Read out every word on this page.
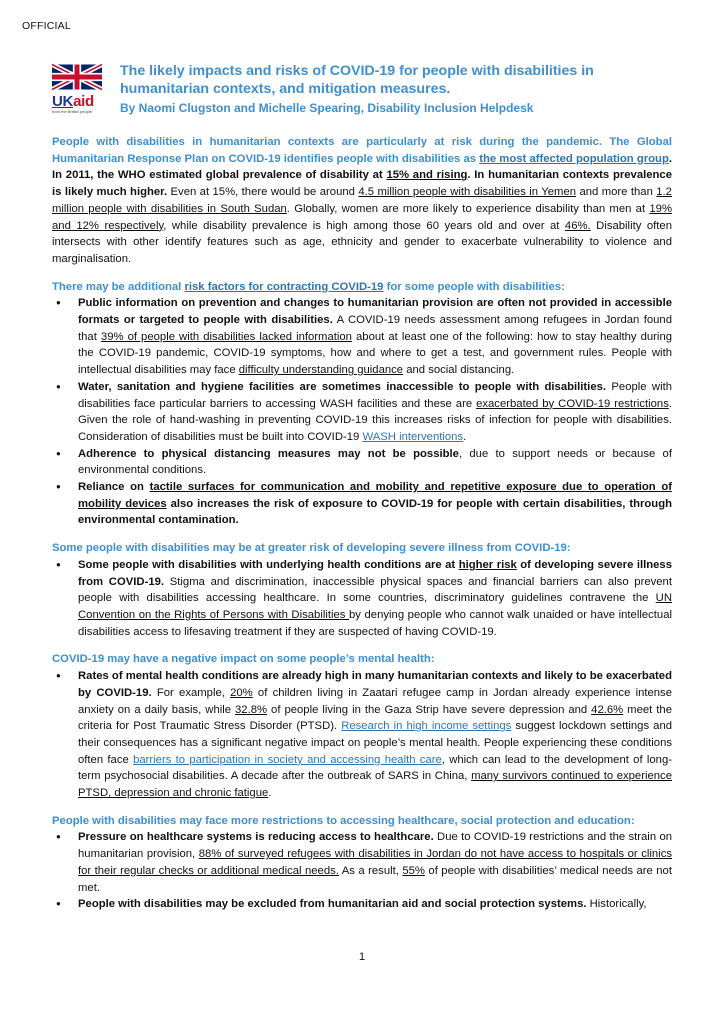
OFFICIAL
UKaid
from the British people
The likely impacts and risks of COVID-19 for people with disabilities in humanitarian contexts, and mitigation measures.
By Naomi Clugston and Michelle Spearing, Disability Inclusion Helpdesk

People with disabilities in humanitarian contexts are particularly at risk during the pandemic. The Global Humanitarian Response Plan on COVID-19 identifies people with disabilities as the most affected population group. In 2011, the WHO estimated global prevalence of disability at 15% and rising. In humanitarian contexts prevalence is likely much higher. Even at 15%, there would be around 4.5 million people with disabilities in Yemen and more than 1.2 million people with disabilities in South Sudan. Globally, women are more likely to experience disability than men at 19% and 12% respectively, while disability prevalence is high among those 60 years old and over at 46%. Disability often intersects with other identify features such as age, ethnicity and gender to exacerbate vulnerability to violence and marginalisation.

There may be additional risk factors for contracting COVID-19 for some people with disabilities:
● Public information on prevention and changes to humanitarian provision are often not provided in accessible formats or targeted to people with disabilities. A COVID-19 needs assessment among refugees in Jordan found that 39% of people with disabilities lacked information about at least one of the following: how to stay healthy during the COVID-19 pandemic, COVID-19 symptoms, how and where to get a test, and government rules. People with intellectual disabilities may face difficulty understanding guidance and social distancing.
● Water, sanitation and hygiene facilities are sometimes inaccessible to people with disabilities. People with disabilities face particular barriers to accessing WASH facilities and these are exacerbated by COVID-19 restrictions. Given the role of hand-washing in preventing COVID-19 this increases risks of infection for people with disabilities. Consideration of disabilities must be built into COVID-19 WASH interventions.
● Adherence to physical distancing measures may not be possible, due to support needs or because of environmental conditions.
● Reliance on tactile surfaces for communication and mobility and repetitive exposure due to operation of mobility devices also increases the risk of exposure to COVID-19 for people with certain disabilities, through environmental contamination.
Some people with disabilities may be at greater risk of developing severe illness from COVID-19:
● Some people with disabilities with underlying health conditions are at higher risk of developing severe illness from COVID-19. Stigma and discrimination, inaccessible physical spaces and financial barriers can also prevent people with disabilities accessing healthcare. In some countries, discriminatory guidelines contravene the UN Convention on the Rights of Persons with Disabilities by denying people who cannot walk unaided or have intellectual disabilities access to lifesaving treatment if they are suspected of having COVID-19.
COVID-19 may have a negative impact on some people’s mental health:
● Rates of mental health conditions are already high in many humanitarian contexts and likely to be exacerbated by COVID-19. For example, 20% of children living in Zaatari refugee camp in Jordan already experience intense anxiety on a daily basis, while 32.8% of people living in the Gaza Strip have severe depression and 42.6% meet the criteria for Post Traumatic Stress Disorder (PTSD). Research in high income settings suggest lockdown settings and their consequences has a significant negative impact on people’s mental health. People experiencing these conditions often face barriers to participation in society and accessing health care, which can lead to the development of long-term psychosocial disabilities. A decade after the outbreak of SARS in China, many survivors continued to experience PTSD, depression and chronic fatigue.
People with disabilities may face more restrictions to accessing healthcare, social protection and education:
● Pressure on healthcare systems is reducing access to healthcare. Due to COVID-19 restrictions and the strain on humanitarian provision, 88% of surveyed refugees with disabilities in Jordan do not have access to hospitals or clinics for their regular checks or additional medical needs. As a result, 55% of people with disabilities’ medical needs are not met.
● People with disabilities may be excluded from humanitarian aid and social protection systems. Historically,
1
